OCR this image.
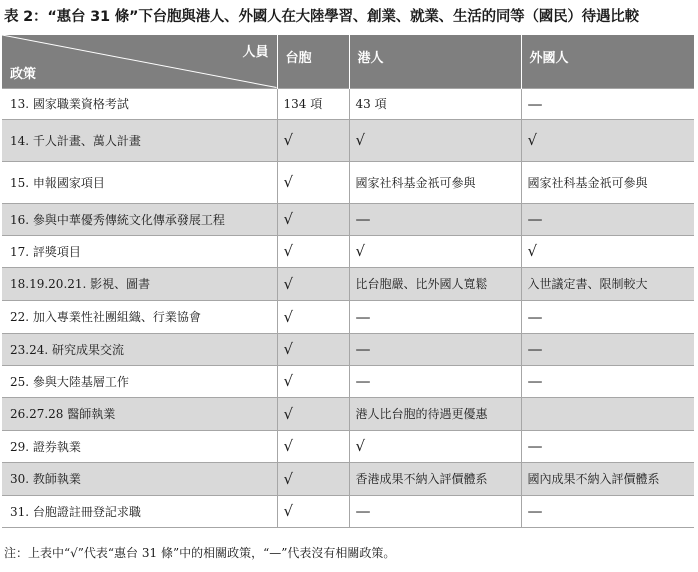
表 2：“惠台 31 條”下台胞與港人、外國人在大陸學習、創業、就業、生活的同等（國民）待遇比較
人員
政策	台胞	港人	外國人
13. 國家職業資格考試	134 項	43 項	—
14. 千人計畫、萬人計畫	√	√	√
15. 申報國家項目	√	國家社科基金祇可參與	國家社科基金祇可參與
16. 參與中華優秀傳統文化傳承發展工程	√	—	—
17. 評獎項目	√	√	√
18.19.20.21. 影視、圖書	√	比台胞嚴、比外國人寬鬆	入世議定書、限制較大
22. 加入專業性社團組織、行業協會	√	—	—
23.24. 研究成果交流	√	—	—
25. 參與大陸基層工作	√	—	—
26.27.28 醫師執業	√	港人比台胞的待遇更優惠	
29. 證券執業	√	√	—
30. 教師執業	√	香港成果不納入評價體系	國內成果不納入評價體系
31. 台胞證註冊登記求職	√	—	—
注：上表中“√”代表“惠台 31 條”中的相關政策，“—”代表沒有相關政策。
